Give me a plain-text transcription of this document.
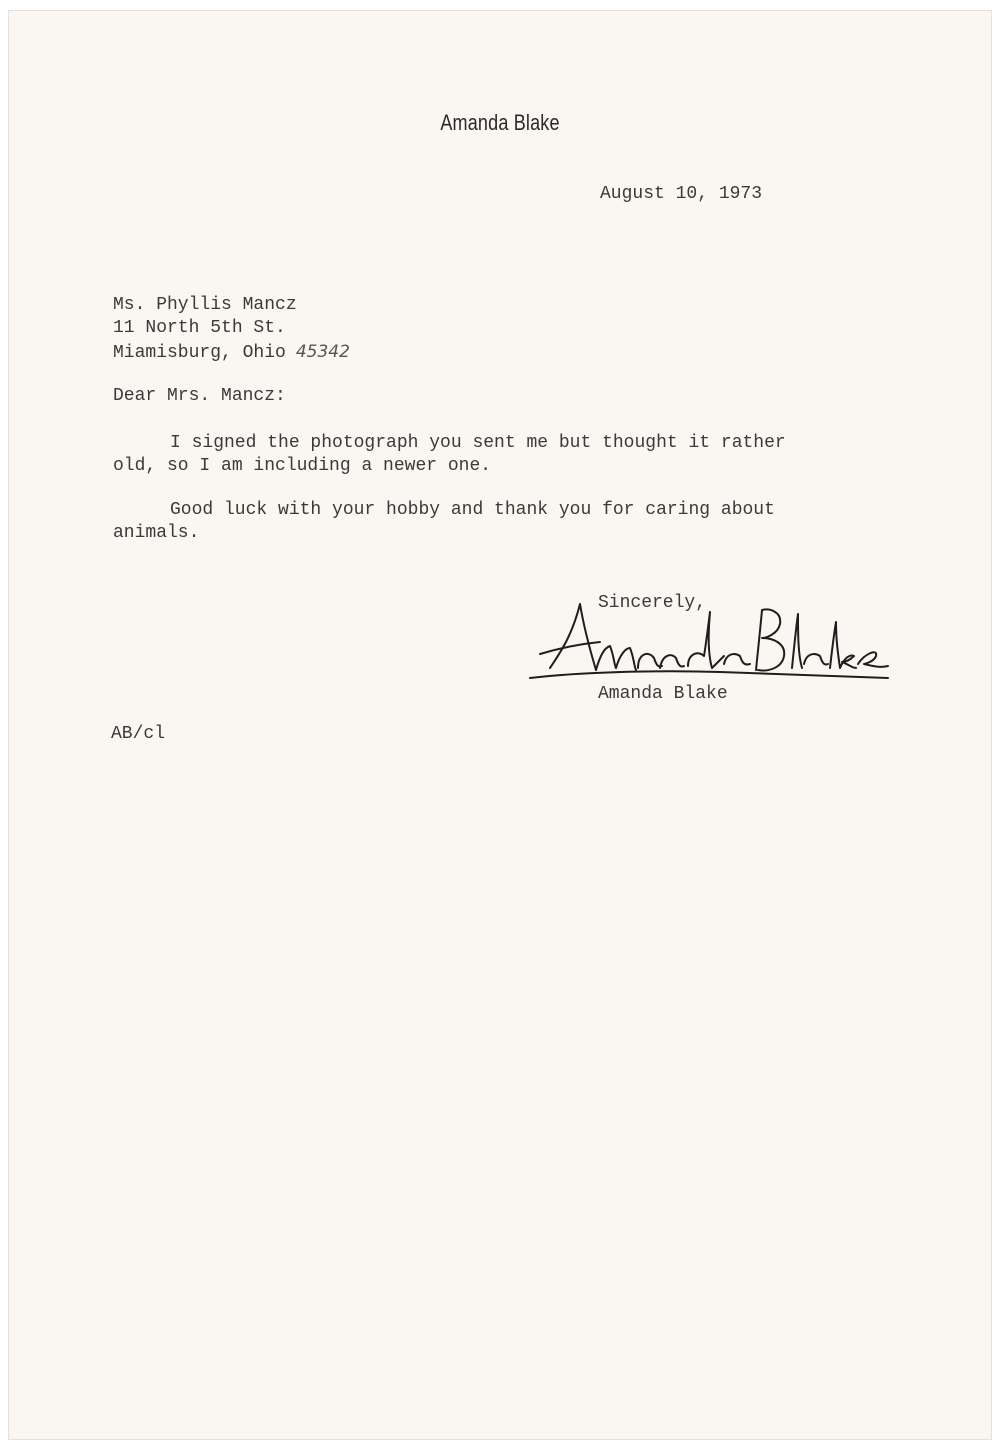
Amanda Blake
August 10, 1973
Ms. Phyllis Mancz
11 North 5th St.
Miamisburg, Ohio 45342
Dear Mrs. Mancz:
I signed the photograph you sent me but thought it rather
old, so I am including a newer one.
Good luck with your hobby and thank you for caring about
animals.
Sincerely,
Amanda Blake
AB/cl
